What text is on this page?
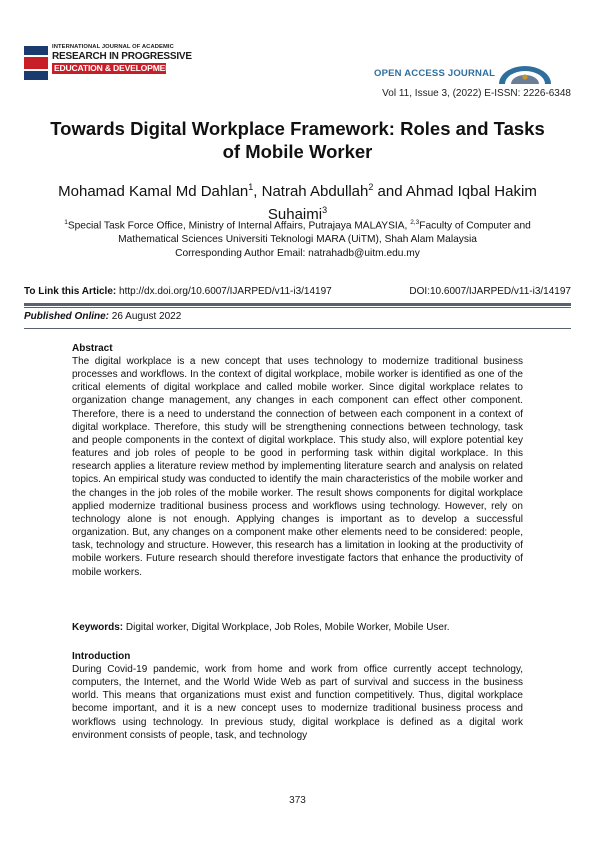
INTERNATIONAL JOURNAL OF ACADEMIC
RESEARCH IN PROGRESSIVE
EDUCATION & DEVELOPMENT	OPEN ACCESS JOURNAL
Vol 11, Issue 3, (2022) E-ISSN: 2226-6348
Towards Digital Workplace Framework: Roles and Tasks of Mobile Worker
Mohamad Kamal Md Dahlan$^1$, Natrah Abdullah$^2$ and Ahmad Iqbal Hakim Suhaimi$^3$
$^1$Special Task Force Office, Ministry of Internal Affairs, Putrajaya MALAYSIA, $^{2,3}$Faculty of Computer and Mathematical Sciences Universiti Teknologi MARA (UiTM), Shah Alam Malaysia
Corresponding Author Email: natrahadb@uitm.edu.my
To Link this Article: http://dx.doi.org/10.6007/IJARPED/v11-i3/14197	DOI:10.6007/IJARPED/v11-i3/14197
Published Online: 26 August 2022
Abstract
The digital workplace is a new concept that uses technology to modernize traditional business processes and workflows. In the context of digital workplace, mobile worker is identified as one of the critical elements of digital workplace and called mobile worker. Since digital workplace relates to organization change management, any changes in each component can effect other component. Therefore, there is a need to understand the connection of between each component in a context of digital workplace. Therefore, this study will be strengthening connections between technology, task and people components in the context of digital workplace. This study also, will explore potential key features and job roles of people to be good in performing task within digital workplace. In this research applies a literature review method by implementing literature search and analysis on related topics. An empirical study was conducted to identify the main characteristics of the mobile worker and the changes in the job roles of the mobile worker. The result shows components for digital workplace applied modernize traditional business process and workflows using technology. However, rely on technology alone is not enough. Applying changes is important as to develop a successful organization. But, any changes on a component make other elements need to be considered: people, task, technology and structure. However, this research has a limitation in looking at the productivity of mobile workers. Future research should therefore investigate factors that enhance the productivity of mobile workers.
Keywords: Digital worker, Digital Workplace, Job Roles, Mobile Worker, Mobile User.
Introduction
During Covid-19 pandemic, work from home and work from office currently accept technology, computers, the Internet, and the World Wide Web as part of survival and success in the business world. This means that organizations must exist and function competitively. Thus, digital workplace become important, and it is a new concept uses to modernize traditional business process and workflows using technology. In previous study, digital workplace is defined as a digital work environment consists of people, task, and technology
373
